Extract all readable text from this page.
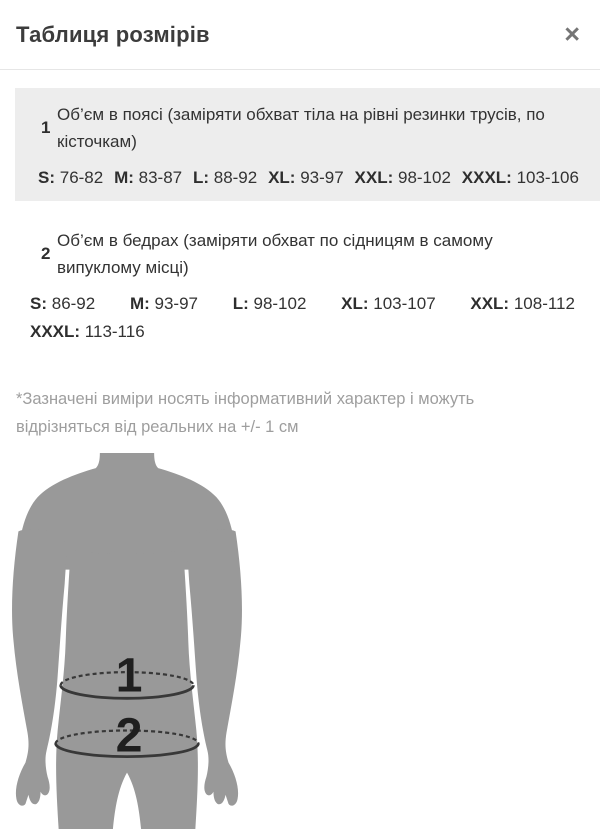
Таблиця розмірів	×
1
Об’єм в поясі (заміряти обхват тіла на рівні резинки трусів, по кісточкам)
S: 76-82 M: 83-87 L: 88-92 XL: 93-97 XXL: 98-102 XXXL: 103-106
2
Об’єм в бедрах (заміряти обхват по сідницям в самому випуклому місці)
S: 86-92 M: 93-97 L: 98-102 XL: 103-107 XXL: 108-112
XXXL: 113-116
*Зазначені виміри носять інформативний характер і можуть відрізняться від реальних на +/- 1 см
1
2
